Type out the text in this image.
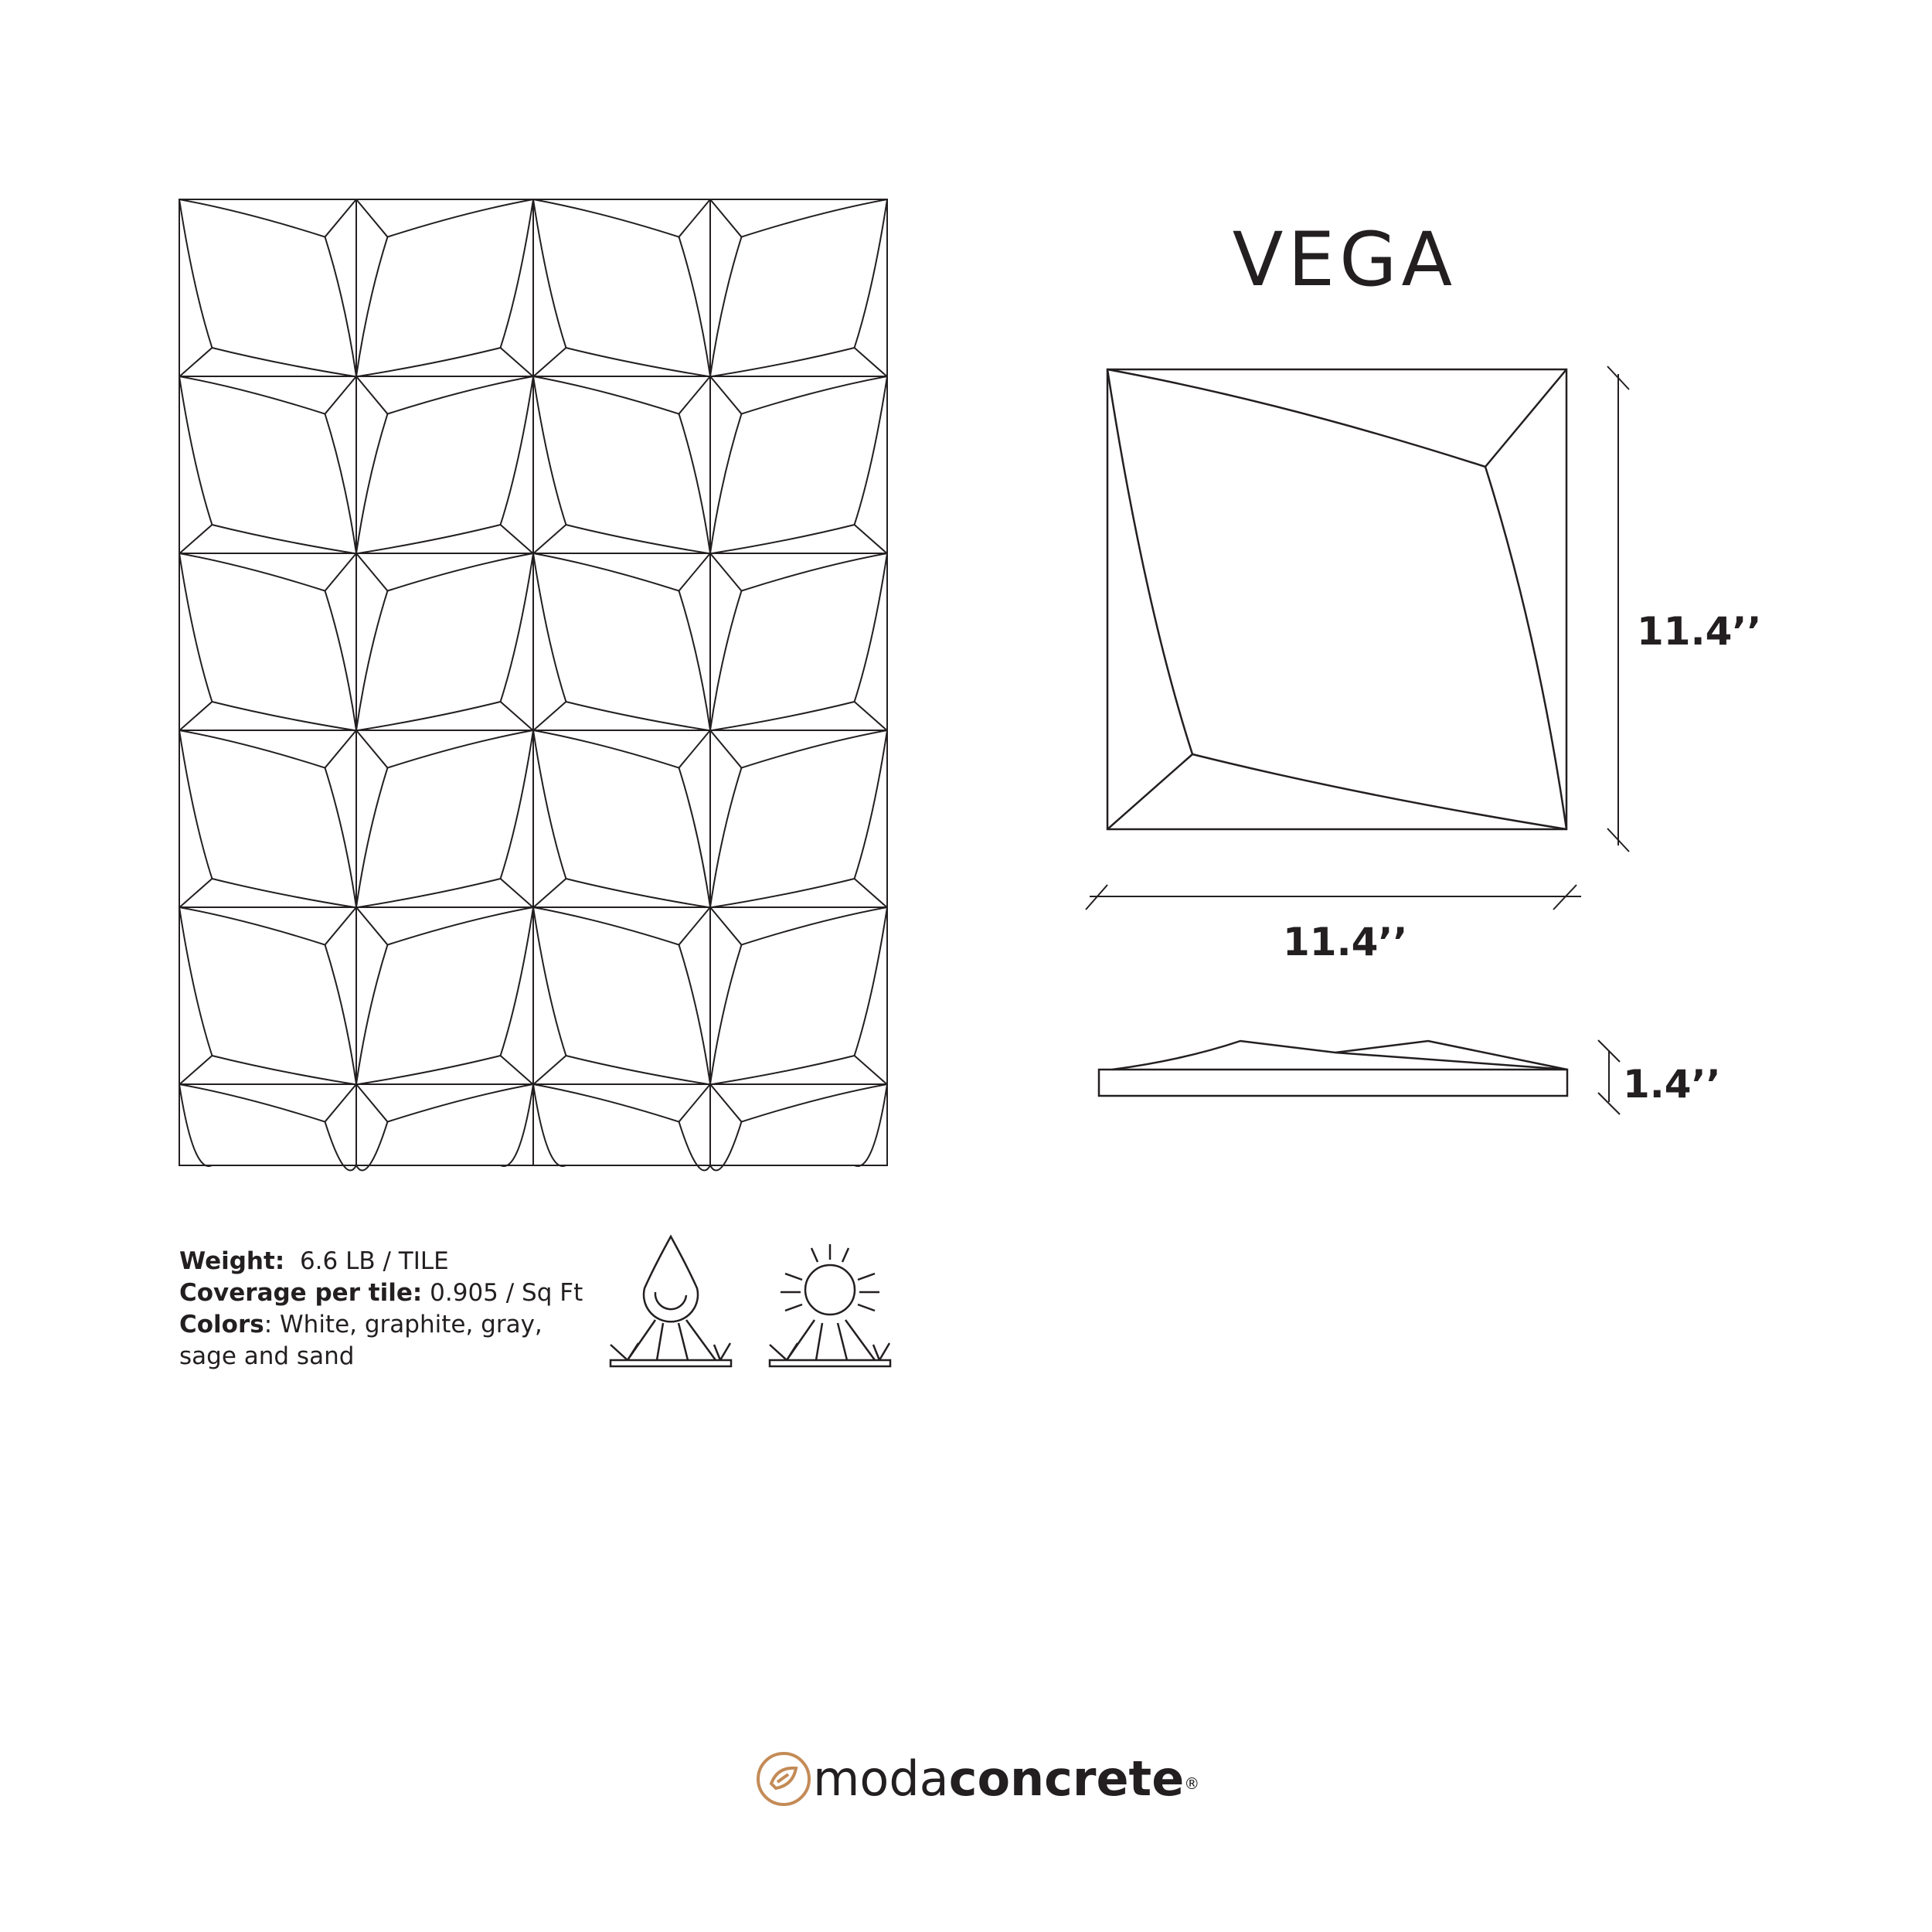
VEGA
11.4’’
11.4’’
1.4’’
Weight: 6.6 LB / TILE
Coverage per tile: 0.905 / Sq Ft
Colors: White, graphite, gray,
sage and sand
modaconcrete®
